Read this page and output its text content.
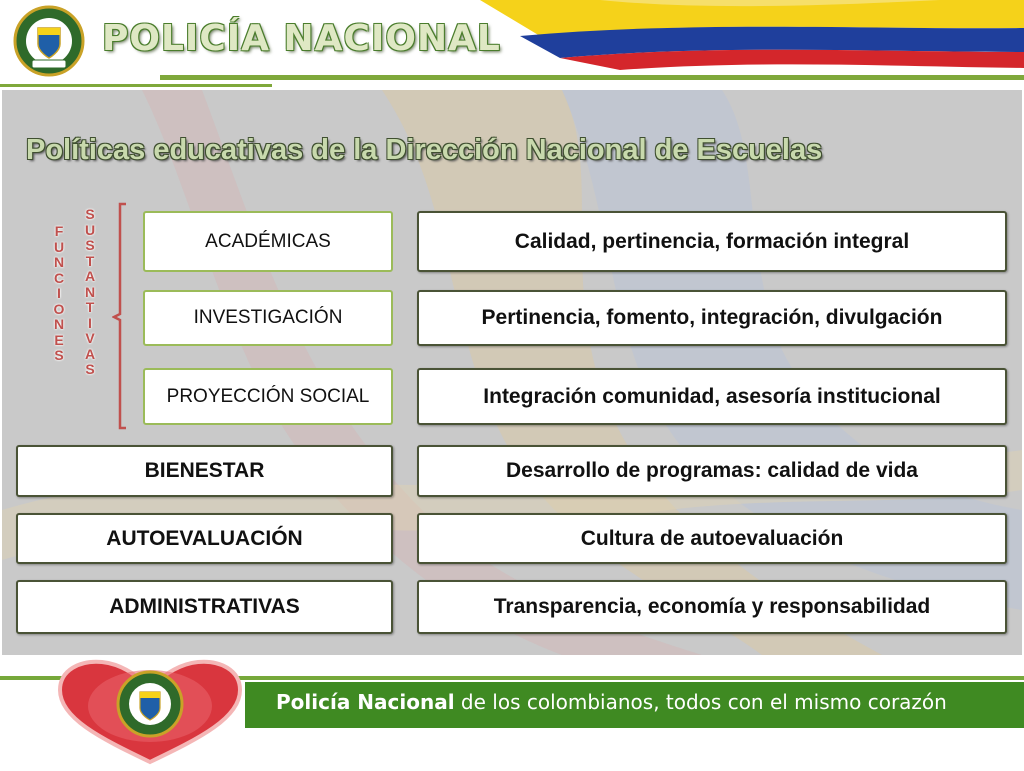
POLICÍA NACIONAL
Políticas educativas de la Dirección Nacional de Escuelas
F
U
N
C
I
O
N
E
S
S
U
S
T
A
N
T
I
V
A
S
ACADÉMICAS
INVESTIGACIÓN
PROYECCIÓN SOCIAL
BIENESTAR
AUTOEVALUACIÓN
ADMINISTRATIVAS
Calidad, pertinencia, formación integral
Pertinencia, fomento, integración, divulgación
Integración comunidad, asesoría institucional
Desarrollo de programas: calidad de vida
Cultura de autoevaluación
Transparencia, economía y responsabilidad
Policía Nacional de los colombianos, todos con el mismo corazón
